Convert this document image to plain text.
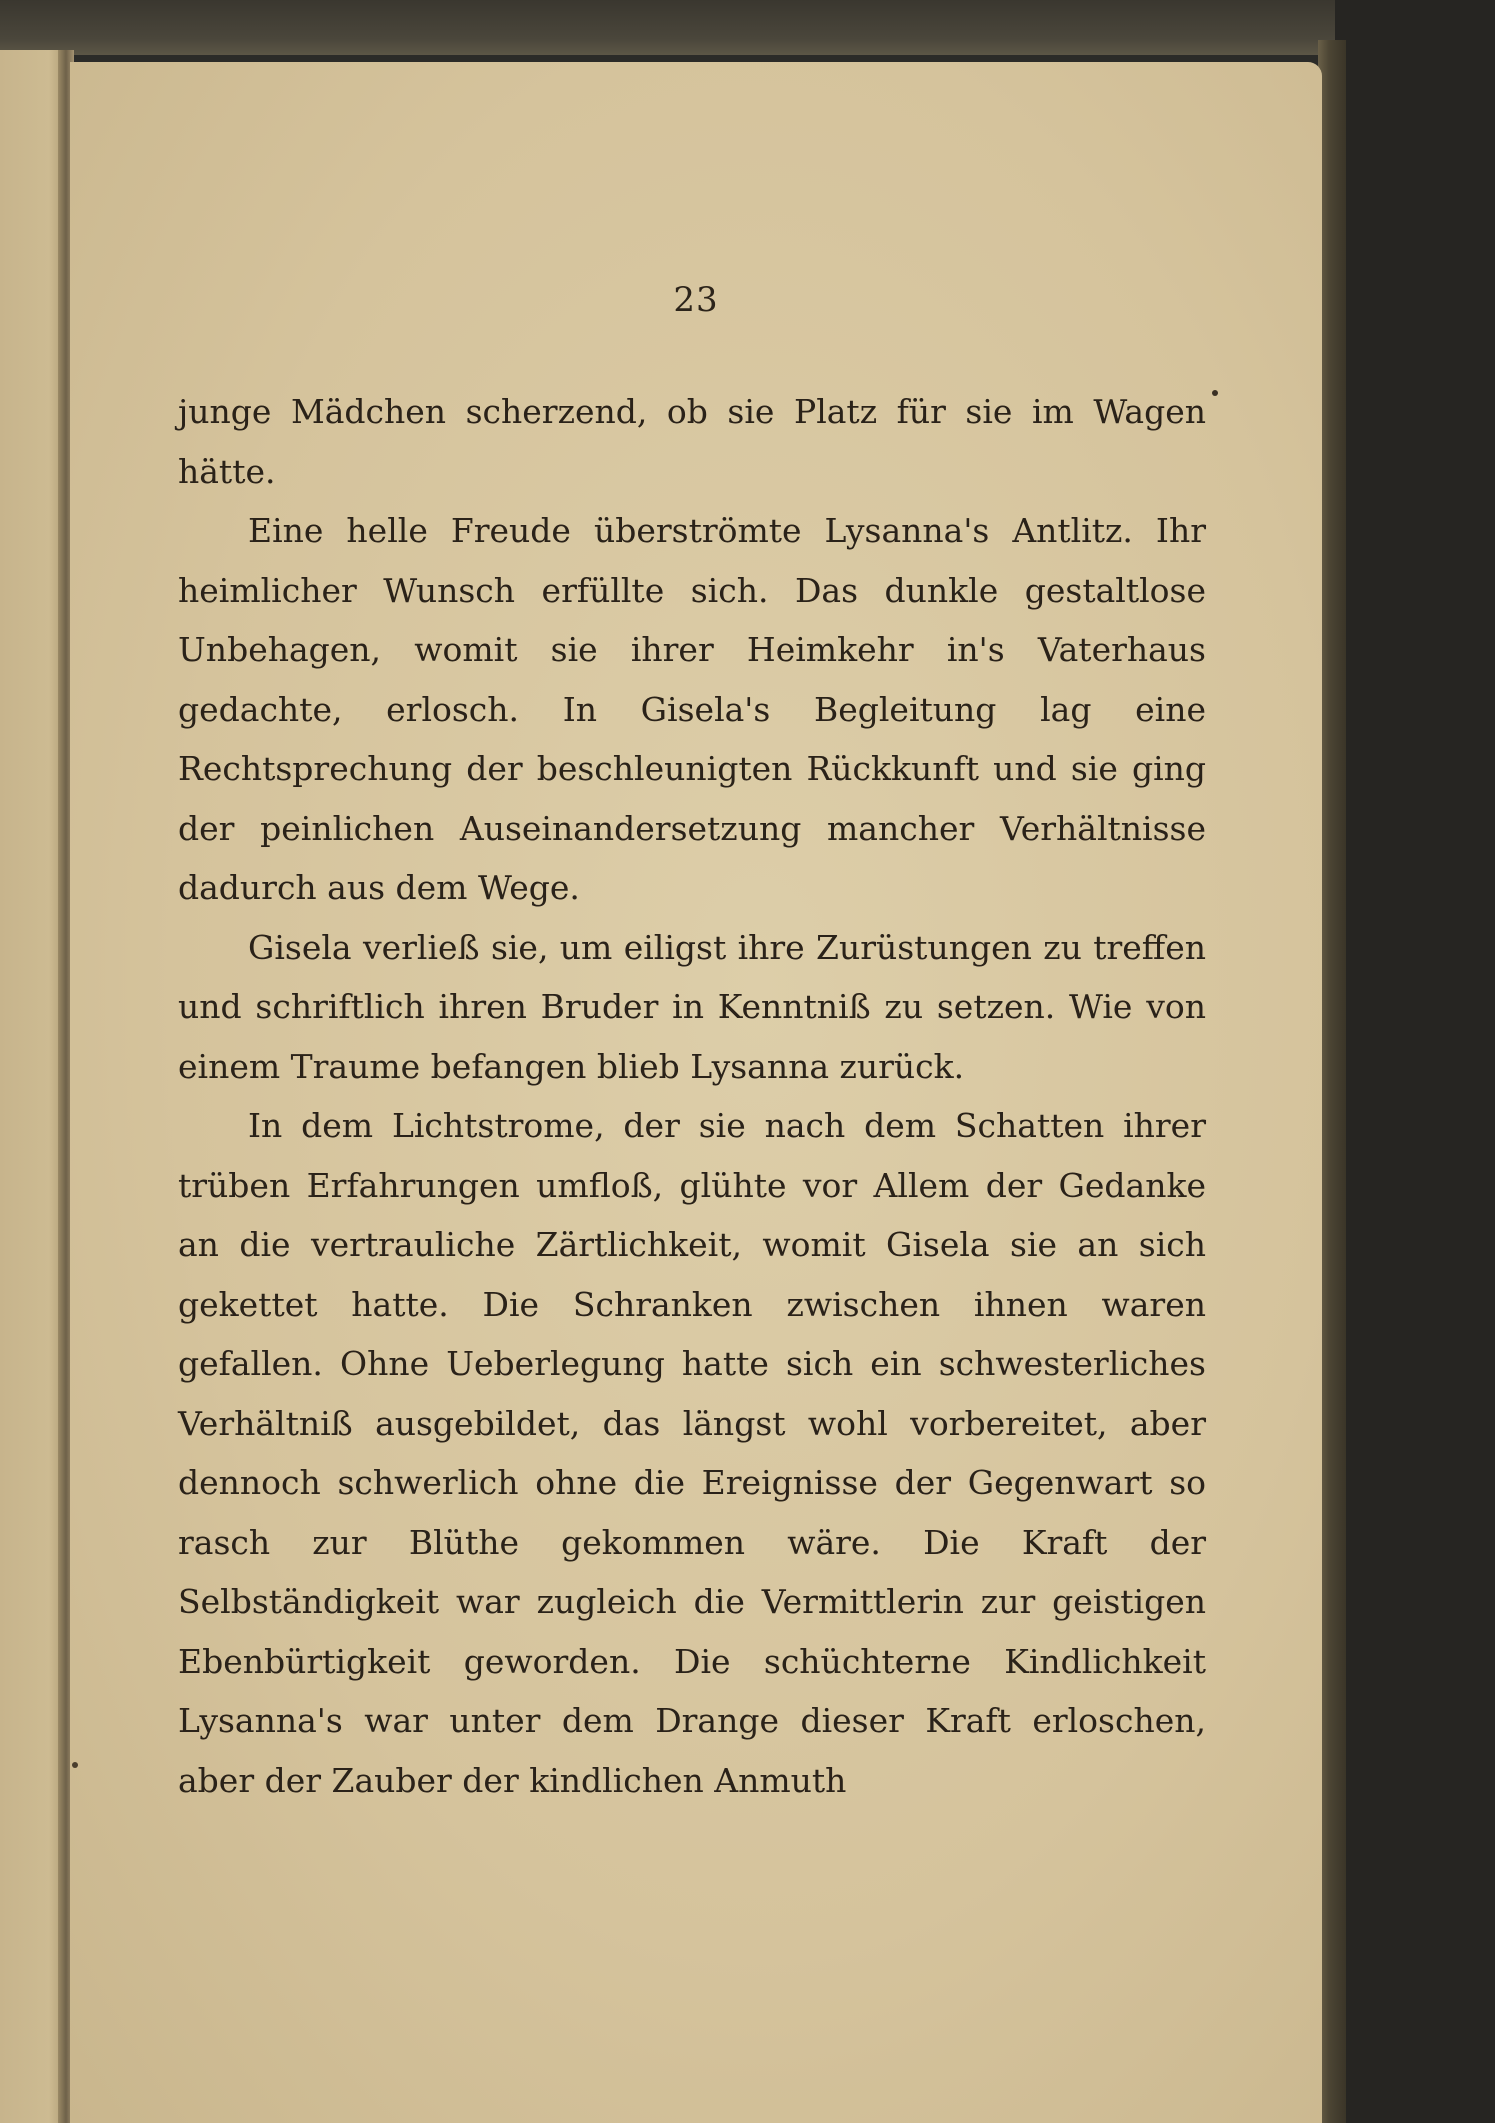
23

junge Mädchen scherzend, ob sie Platz für sie im Wagen hätte.

Eine helle Freude überströmte Lysanna's Antlitz. Ihr heimlicher Wunsch erfüllte sich. Das dunkle gestaltlose Unbehagen, womit sie ihrer Heimkehr in's Vaterhaus gedachte, erlosch. In Gisela's Begleitung lag eine Rechtsprechung der beschleunigten Rückkunft und sie ging der peinlichen Auseinandersetzung mancher Verhältnisse dadurch aus dem Wege.

Gisela verließ sie, um eiligst ihre Zurüstungen zu treffen und schriftlich ihren Bruder in Kenntniß zu setzen. Wie von einem Traume befangen blieb Lysanna zurück.

In dem Lichtstrome, der sie nach dem Schatten ihrer trüben Erfahrungen umfloß, glühte vor Allem der Gedanke an die vertrauliche Zärtlichkeit, womit Gisela sie an sich gekettet hatte. Die Schranken zwischen ihnen waren gefallen. Ohne Ueberlegung hatte sich ein schwesterliches Verhältniß ausgebildet, das längst wohl vorbereitet, aber dennoch schwerlich ohne die Ereignisse der Gegenwart so rasch zur Blüthe gekommen wäre. Die Kraft der Selbständigkeit war zugleich die Vermittlerin zur geistigen Ebenbürtigkeit geworden. Die schüchterne Kindlichkeit Lysanna's war unter dem Drange dieser Kraft erloschen, aber der Zauber der kindlichen Anmuth
